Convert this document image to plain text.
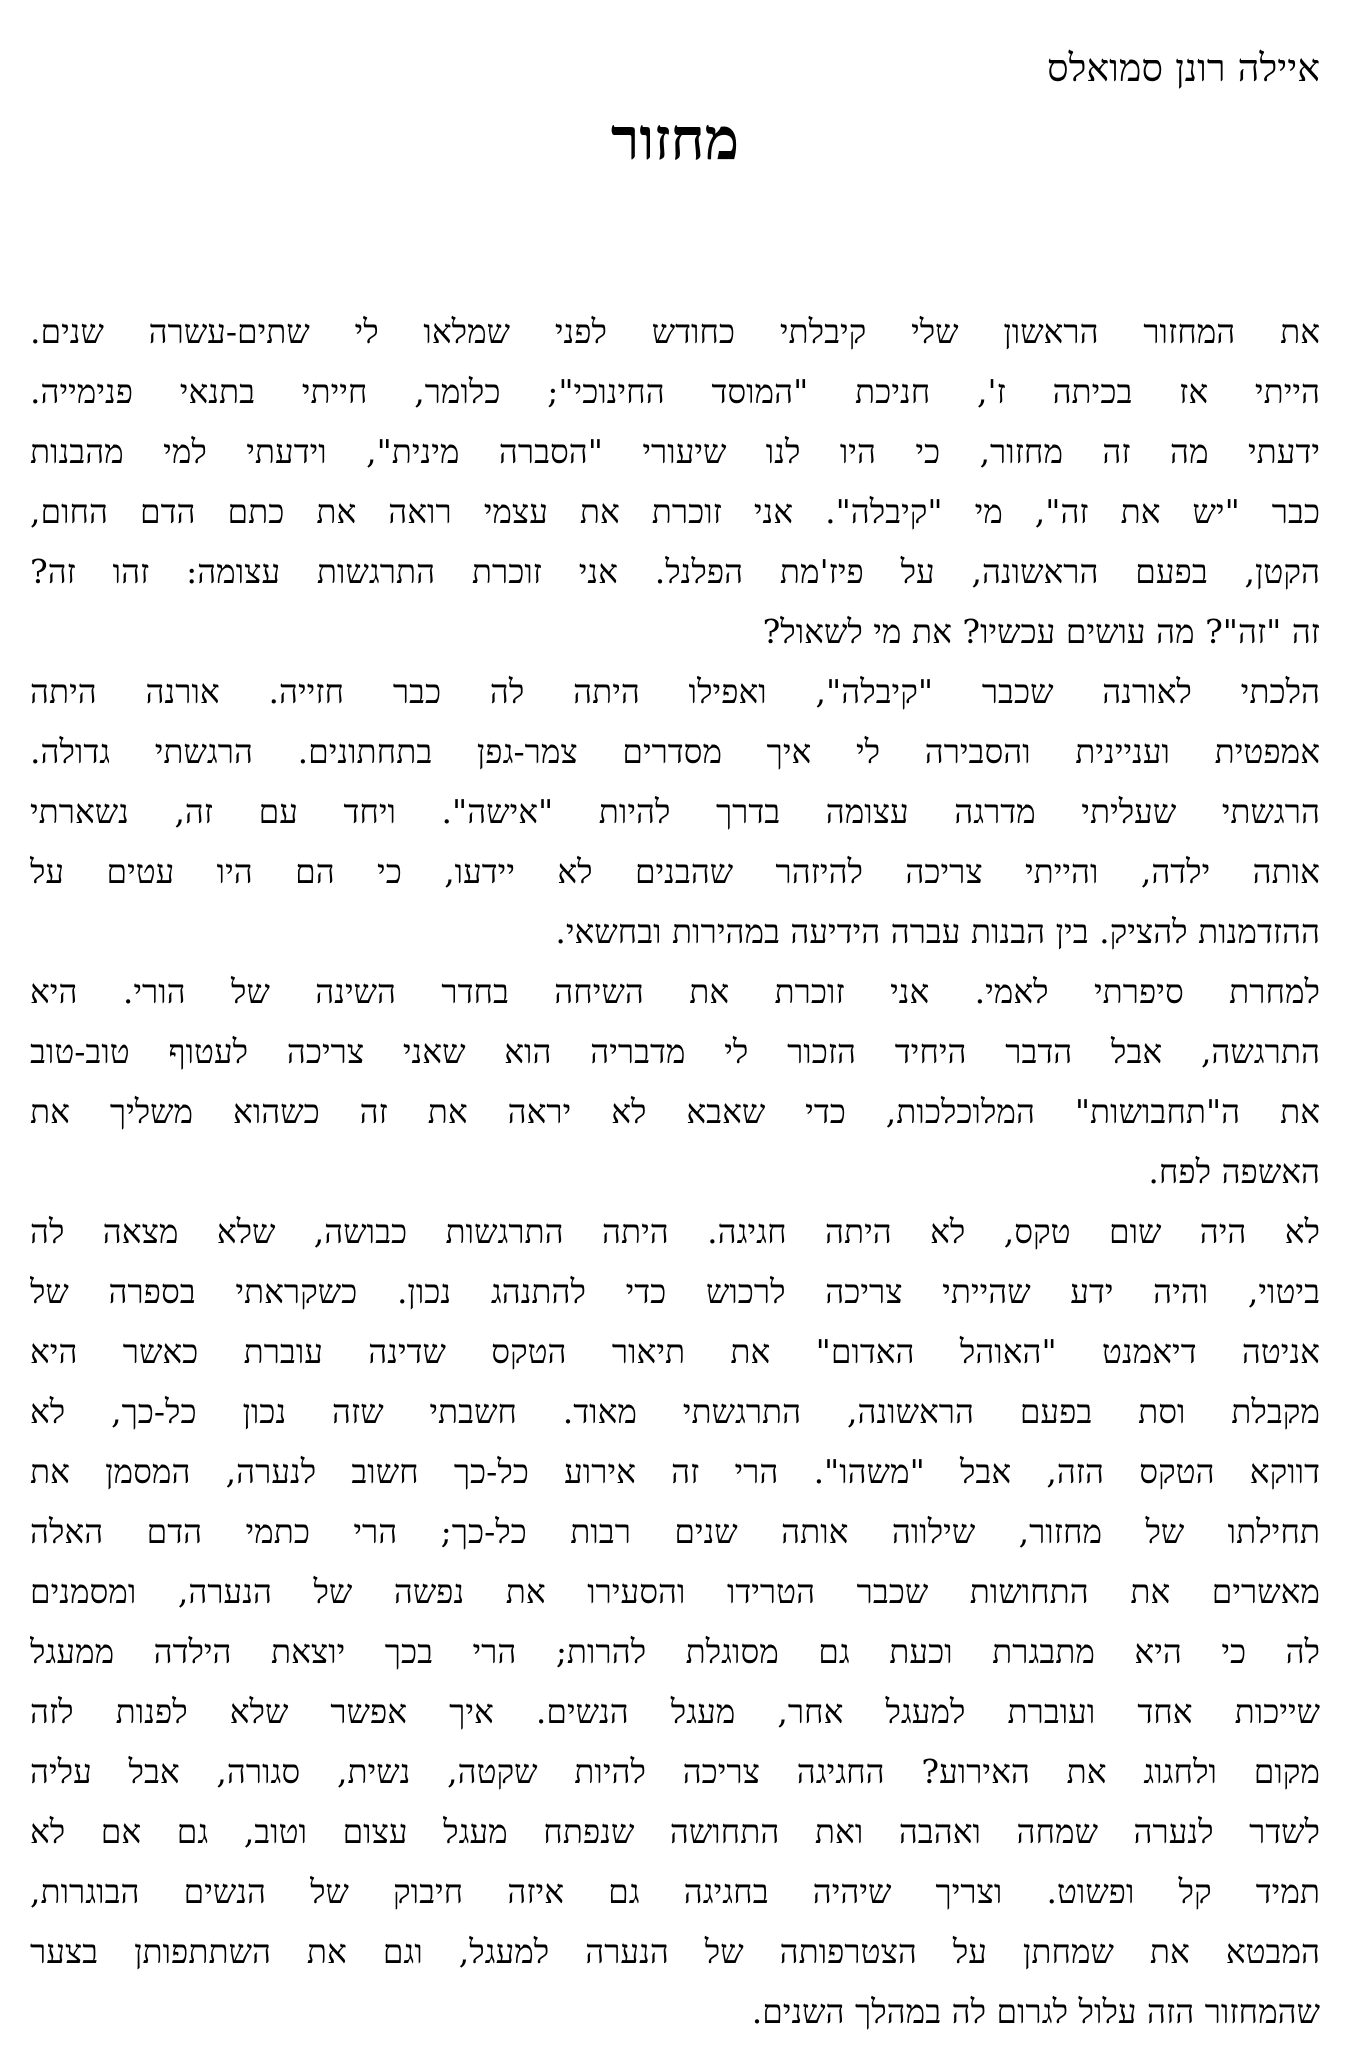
איילה רונן סמואלס
מחזור
את המחזור הראשון שלי קיבלתי כחודש לפני שמלאו לי שתים-עשרה שנים.
הייתי אז בכיתה ז', חניכת "המוסד החינוכי"; כלומר, חייתי בתנאי פנימייה.
ידעתי מה זה מחזור, כי היו לנו שיעורי "הסברה מינית", וידעתי למי מהבנות
כבר "יש את זה", מי "קיבלה". אני זוכרת את עצמי רואה את כתם הדם החום,
הקטן, בפעם הראשונה, על פיז'מת הפלנל. אני זוכרת התרגשות עצומה: זהו זה?
זה "זה"? מה עושים עכשיו? את מי לשאול?
הלכתי לאורנה שכבר "קיבלה", ואפילו היתה לה כבר חזייה. אורנה היתה
אמפטית ועניינית והסבירה לי איך מסדרים צמר-גפן בתחתונים. הרגשתי גדולה.
הרגשתי שעליתי מדרגה עצומה בדרך להיות "אישה". ויחד עם זה, נשארתי
אותה ילדה, והייתי צריכה להיזהר שהבנים לא יידעו, כי הם היו עטים על
ההזדמנות להציק. בין הבנות עברה הידיעה במהירות ובחשאי.
למחרת סיפרתי לאמי. אני זוכרת את השיחה בחדר השינה של הורי. היא
התרגשה, אבל הדבר היחיד הזכור לי מדבריה הוא שאני צריכה לעטוף טוב-טוב
את ה"תחבושות" המלוכלכות, כדי שאבא לא יראה את זה כשהוא משליך את
האשפה לפח.
לא היה שום טקס, לא היתה חגיגה. היתה התרגשות כבושה, שלא מצאה לה
ביטוי, והיה ידע שהייתי צריכה לרכוש כדי להתנהג נכון. כשקראתי בספרה של
אניטה דיאמנט "האוהל האדום" את תיאור הטקס שדינה עוברת כאשר היא
מקבלת וסת בפעם הראשונה, התרגשתי מאוד. חשבתי שזה נכון כל-כך, לא
דווקא הטקס הזה, אבל "משהו". הרי זה אירוע כל-כך חשוב לנערה, המסמן את
תחילתו של מחזור, שילווה אותה שנים רבות כל-כך; הרי כתמי הדם האלה
מאשרים את התחושות שכבר הטרידו והסעירו את נפשה של הנערה, ומסמנים
לה כי היא מתבגרת וכעת גם מסוגלת להרות; הרי בכך יוצאת הילדה ממעגל
שייכות אחד ועוברת למעגל אחר, מעגל הנשים. איך אפשר שלא לפנות לזה
מקום ולחגוג את האירוע? החגיגה צריכה להיות שקטה, נשית, סגורה, אבל עליה
לשדר לנערה שמחה ואהבה ואת התחושה שנפתח מעגל עצום וטוב, גם אם לא
תמיד קל ופשוט. וצריך שיהיה בחגיגה גם איזה חיבוק של הנשים הבוגרות,
המבטא את שמחתן על הצטרפותה של הנערה למעגל, וגם את השתתפותן בצער
שהמחזור הזה עלול לגרום לה במהלך השנים.
